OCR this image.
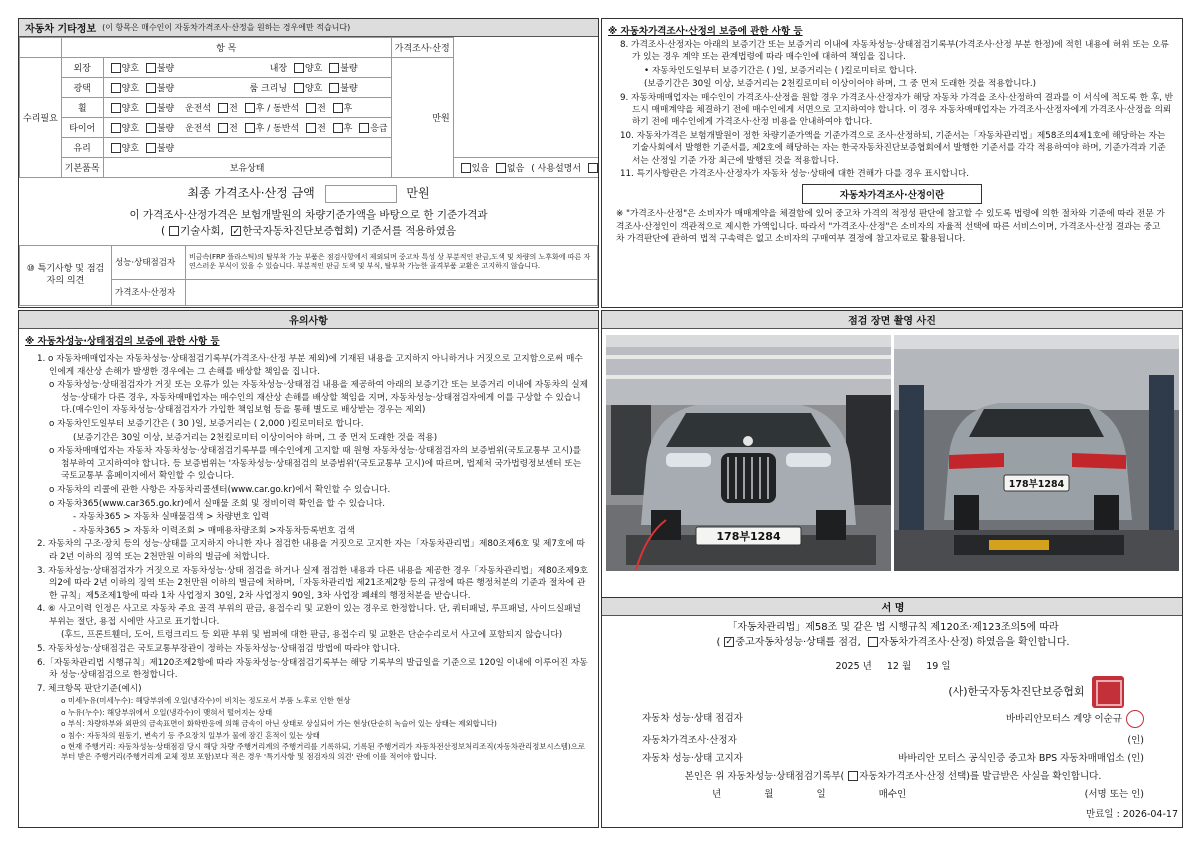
자동차 기타정보 (이 항목은 매수인이 자동차가격조사·산정을 원하는 경우에만 적습니다)
	항 목		가격조사·산정		
수리필요	외장	양호 불량 내장 양호 불량	만원		
	광택	양호 불량 룸 크리닝 양호 불량			
	휠	양호 불량 운전석 전 후 / 동반석 전 후			
	타이어	양호 불량 운전석 전 후 / 동반석 전 후 응급			
	유리	양호 불량			
	기본품목	보유상태		있음 없음 ( 사용설명서	
최종 가격조사·산정 금액	만원
이 가격조사·산정가격은 보험개발원의 차량기준가액을 바탕으로 한 기준가격과
( 기술사회, ✓ 한국자동차진단보증협회) 기준서를 적용하였음
⑩ 특기사항 및 점검자의 의견	성능·상태점검자	비금속(FRP 플라스틱)의 탈부착 가능 부품은 점검사항에서 제외되며 중고차 특성 상 부분적인 판금,도색 및 차량의 노후화에 따른 자연스러운 부식이 있을 수 있습니다. 부분적인 판금 도색 및 부식, 탈부착 가능한 골격부품 교환은 고지하지 않습니다.
	가격조사·산정자	
※ 자동차가격조사·산정의 보증에 관한 사항 등

8. 가격조사·산정자는 아래의 보증기간 또는 보증거리 이내에 자동차성능·상태점검기록부(가격조사·산정 부분 한정)에 적힌 내용에 허위 또는 오류가 있는 경우 계약 또는 관계법령에 따라 매수인에 대하여 책임을 집니다.

• 자동차인도일부터 보증기간은 ( )일, 보증거리는 ( )킬로미터로 합니다.

(보증기간은 30일 이상, 보증거리는 2천킬로미터 이상이어야 하며, 그 중 먼저 도래한 것을 적용합니다.)

9. 자동차매매업자는 매수인이 가격조사·산정을 원할 경우 가격조사·산정자가 해당 자동차 가격을 조사·산정하여 결과를 이 서식에 적도록 한 후, 반드시 매매계약을 체결하기 전에 매수인에게 서면으로 고지하여야 합니다. 이 경우 자동차매매업자는 가격조사·산정자에게 가격조사·산정을 의뢰하기 전에 매수인에게 가격조사·산정 비용을 안내하여야 합니다.

10. 자동차가격은 보험개발원이 정한 차량기준가액을 기준가격으로 조사·산정하되, 기준서는「자동차관리법」제58조의4제1호에 해당하는 자는 기술사회에서 발행한 기준서를, 제2호에 해당하는 자는 한국자동차진단보증협회에서 발행한 기준서를 각각 적용하여야 하며, 기준가격과 기준서는 산정일 기준 가장 최근에 발행된 것을 적용합니다.

11. 특기사항란은 가격조사·산정자가 자동차 성능·상태에 대한 견해가 다를 경우 표시합니다.

자동차가격조사·산정이란
※ "가격조사·산정"은 소비자가 매매계약을 체결함에 있어 중고차 가격의 적정성 판단에 참고할 수 있도록 법령에 의한 절차와 기준에 따라 전문 가격조사·산정인이 객관적으로 제시한 가액입니다. 따라서 "가격조사·산정"은 소비자의 자율적 선택에 따른 서비스이며, 가격조사·산정 결과는 중고차 가격판단에 관하여 법적 구속력은 없고 소비자의 구매여부 결정에 참고자료로 활용됩니다.
유의사항
※ 자동차성능·상태점검의 보증에 관한 사항 등

1. o 자동차매매업자는 자동차성능·상태점검기록부(가격조사·산정 부분 제외)에 기재된 내용을 고지하지 아니하거나 거짓으로 고지함으로써 매수인에게 재산상 손해가 발생한 경우에는 그 손해를 배상할 책임을 집니다.

o 자동차성능·상태점검자가 거짓 또는 오류가 있는 자동차성능·상태점검 내용을 제공하여 아래의 보증기간 또는 보증거리 이내에 자동차의 실제 성능·상태가 다른 경우, 자동차매매업자는 매수인의 재산상 손해를 배상할 책임을 지며, 자동차성능·상태점검자에게 이를 구상할 수 있습니다.(매수인이 자동차성능·상태점검자가 가입한 책임보험 등을 통해 별도로 배상받는 경우는 제외)

o 자동차인도일부터 보증기간은 ( 30 )일, 보증거리는 ( 2,000 )킬로미터로 합니다.

(보증기간은 30일 이상, 보증거리는 2천킬로미터 이상이어야 하며, 그 중 먼저 도래한 것을 적용)

o 자동차매매업자는 자동차 자동차성능·상태점검기록부를 매수인에게 고지할 때 원형 자동차성능·상태점검자의 보증범위(국토교통부 고시)를 첨부하여 고지하여야 합니다. 등 보증범위는 '자동차성능·상태점검의 보증범위'(국토교통부 고시)에 따르며, 법제처 국가법령정보센터 또는 국토교통부 홈페이지에서 확인할 수 있습니다.

o 자동차의 리콜에 관한 사항은 자동차리콜센터(www.car.go.kr)에서 확인할 수 있습니다.

o 자동차365(www.car365.go.kr)에서 실매물 조회 및 정비이력 확인을 할 수 있습니다.

- 자동차365 > 자동차 실매물검색 > 차량번호 입력

- 자동차365 > 자동차 이력조회 > 매매용차량조회 >자동차등록번호 검색

2. 자동차의 구조·장치 등의 성능·상태를 고지하지 아니한 자나 점검한 내용을 거짓으로 고지한 자는「자동차관리법」제80조제6호 및 제7호에 따라 2년 이하의 징역 또는 2천만원 이하의 벌금에 처합니다.

3. 자동차성능·상태점검자가 거짓으로 자동차성능·상태 점검을 하거나 실제 점검한 내용과 다른 내용을 제공한 경우「자동차관리법」제80조제9호의2에 따라 2년 이하의 징역 또는 2천만원 이하의 벌금에 처하며,「자동차관리법 제21조제2항 등의 규정에 따른 행정처분의 기준과 절차에 관한 규칙」제5조제1항에 따라 1차 사업정지 30일, 2차 사업정지 90일, 3차 사업장 폐쇄의 행정처분을 받습니다.

4. ⑥ 사고이력 인정은 사고로 자동차 주요 골격 부위의 판금, 용접수리 및 교환이 있는 경우로 한정합니다. 단, 쿼터패널, 루프패널, 사이드실패널 부위는 절단, 용접 시에만 사고로 표기합니다.

(후드, 프론트휀더, 도어, 트렁크리드 등 외판 부위 및 범퍼에 대한 판금, 용접수리 및 교환은 단순수리로서 사고에 포함되지 않습니다)

5. 자동차성능·상태점검은 국토교통부장관이 정하는 자동차성능·상태점검 방법에 따라야 합니다.

6.「자동차관리법 시행규칙」제120조제2항에 따라 자동차성능·상태점검기록부는 해당 기록부의 발급일을 기준으로 120일 이내에 이루어진 자동차 성능·상태점검으로 한정합니다.

7. 체크항목 판단기준(예시)

o 미세누유(미세누수): 해당부위에 오일(냉각수)이 비치는 정도로서 부품 노후로 인한 현상

o 누유(누수): 해당부위에서 오일(냉각수)이 맺혀서 떨어지는 상태

o 부식: 차량하부와 외판의 금속표면이 화학반응에 의해 금속이 아닌 상태로 상실되어 가는 현상(단순히 녹슬어 있는 상태는 제외합니다)

o 침수: 자동차의 원동기, 변속기 등 주요장치 일부가 물에 잠긴 흔적이 있는 상태

o 현재 주행거리: 자동차성능·상태점검 당시 해당 차량 주행거리계의 주행거리를 기록하되, 기록된 주행거리가 자동차전산정보처리조직(자동차관리정보시스템)으로부터 받은 주행거리(주행거리계 교체 정보 포함)보다 적은 경우 '특기사항 및 점검자의 의견' 란에 이를 적어야 합니다.

점검 장면 촬영 사진
178부1284
178부1284
서 명
「자동차관리법」제58조 및 같은 법 시행규칙 제120조·제123조의5에 따라
( ✓ 중고자동차성능·상태를 점검, 자동차가격조사·산정) 하였음을 확인합니다.
2025 년 12 월 19 일
(사)한국자동차진단보증협회
자동차 성능·상태 점검자	바바리안모터스 계양 이순규
자동차가격조사·산정자	(인)
자동차 성능·상태 고지자	바바리안 모터스 공식인증 중고차 BPS 자동차매매업소 (인)
본인은 위 자동차성능·상태점검기록부( 자동차가격조사·산정 선택)를 발급받은 사실을 확인합니다.
년	월	일	매수인	(서명 또는 인)
만료일 : 2026-04-17
